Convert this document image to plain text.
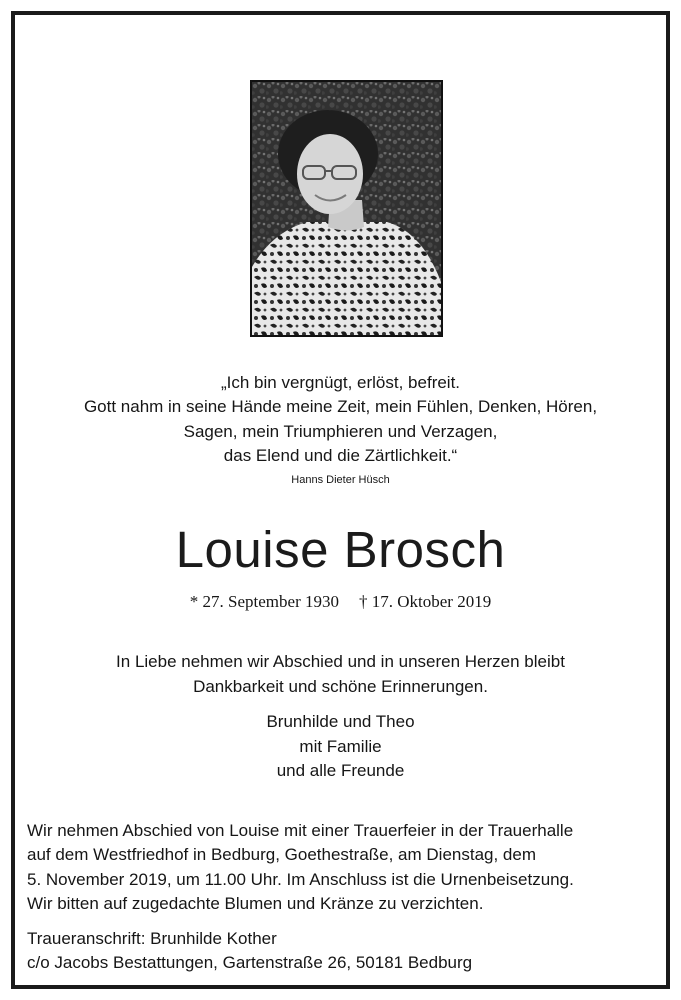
„Ich bin vergnügt, erlöst, befreit.
Gott nahm in seine Hände meine Zeit, mein Fühlen, Denken, Hören,
Sagen, mein Triumphieren und Verzagen,
das Elend und die Zärtlichkeit.“
Hanns Dieter Hüsch
Louise Brosch
* 27. September 1930 † 17. Oktober 2019
In Liebe nehmen wir Abschied und in unseren Herzen bleibt
Dankbarkeit und schöne Erinnerungen.
Brunhilde und Theo
mit Familie
und alle Freunde
Wir nehmen Abschied von Louise mit einer Trauerfeier in der Trauerhalle
auf dem Westfriedhof in Bedburg, Goethestraße, am Dienstag, dem
5. November 2019, um 11.00 Uhr. Im Anschluss ist die Urnenbeisetzung.
Wir bitten auf zugedachte Blumen und Kränze zu verzichten.
Traueranschrift: Brunhilde Kother
c/o Jacobs Bestattungen, Gartenstraße 26, 50181 Bedburg
